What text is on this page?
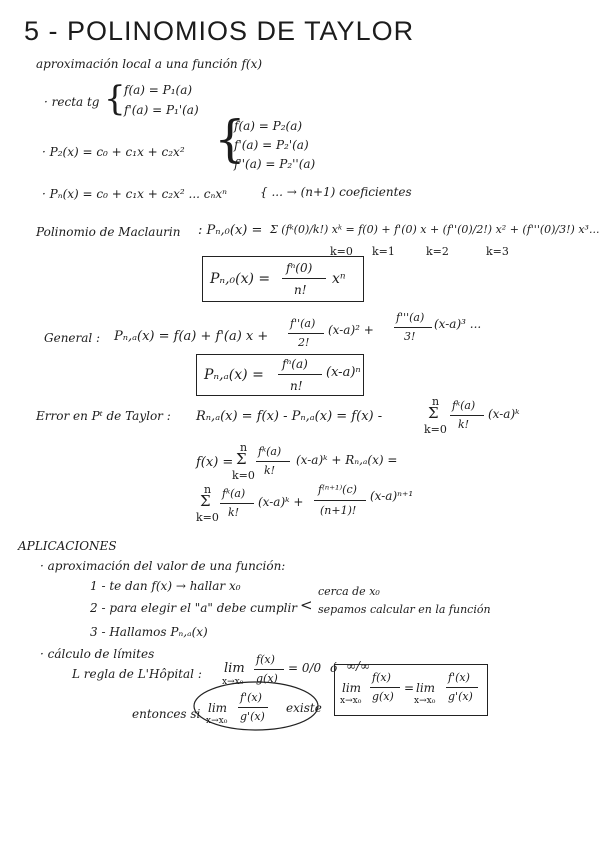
5 - POLINOMIOS DE TAYLOR
aproximación local a una función f(x)
· recta tg {
f(a) = P₁(a)
f'(a) = P₁'(a)
· P₂(x) = c₀ + c₁x + c₂x² {
f(a) = P₂(a)
f'(a) = P₂'(a)
f''(a) = P₂''(a)
· Pₙ(x) = c₀ + c₁x + c₂x² ... cₙxⁿ	{ ... → (n+1) coeficientes
Polinomio de Maclaurin : Pₙ,₀(x) = Σ (fᵏ(0)/k!) xᵏ = f(0) + f'(0) x + (f''(0)/2!) x² + (f'''(0)/3!) x³...
k=0 k=1	k=2	k=3
Pₙ,₀(x) =
fⁿ(0)
n!
xⁿ
General : Pₙ,ₐ(x) = f(a) + f'(a) x +
f''(a)
2!
(x-a)² +
f'''(a)
3!
(x-a)³ ...
Pₙ,ₐ(x) =
fⁿ(a)
n!
(x-a)ⁿ
Error en Pᵗ de Taylor : Rₙ,ₐ(x) = f(x) - Pₙ,ₐ(x) = f(x) -
n
Σ
k=0
fᵏ(a)
k!
(x-a)ᵏ
f(x) =
n
Σ
k=0
fᵏ(a)
k!
(x-a)ᵏ + Rₙ,ₐ(x) =
n
Σ
k=0
fᵏ(a)
k!
(x-a)ᵏ +
f⁽ⁿ⁺¹⁾(c)
(n+1)!
(x-a)ⁿ⁺¹
APLICACIONES
· aproximación del valor de una función:
1 - te dan f(x) → hallar x₀
2 - para elegir el "a" debe cumplir <
cerca de x₀
sepamos calcular en la función
3 - Hallamos Pₙ,ₐ(x)
· cálculo de límites
L regla de L'Hôpital : lim
x→x₀
f(x)
g(x)
= 0/0 ó ∞/∞
entonces si lim
x→x₀
f'(x)
g'(x)
existe
lim
x→x₀
f(x)
g(x)
= lim
x→x₀
f'(x)
g'(x)
